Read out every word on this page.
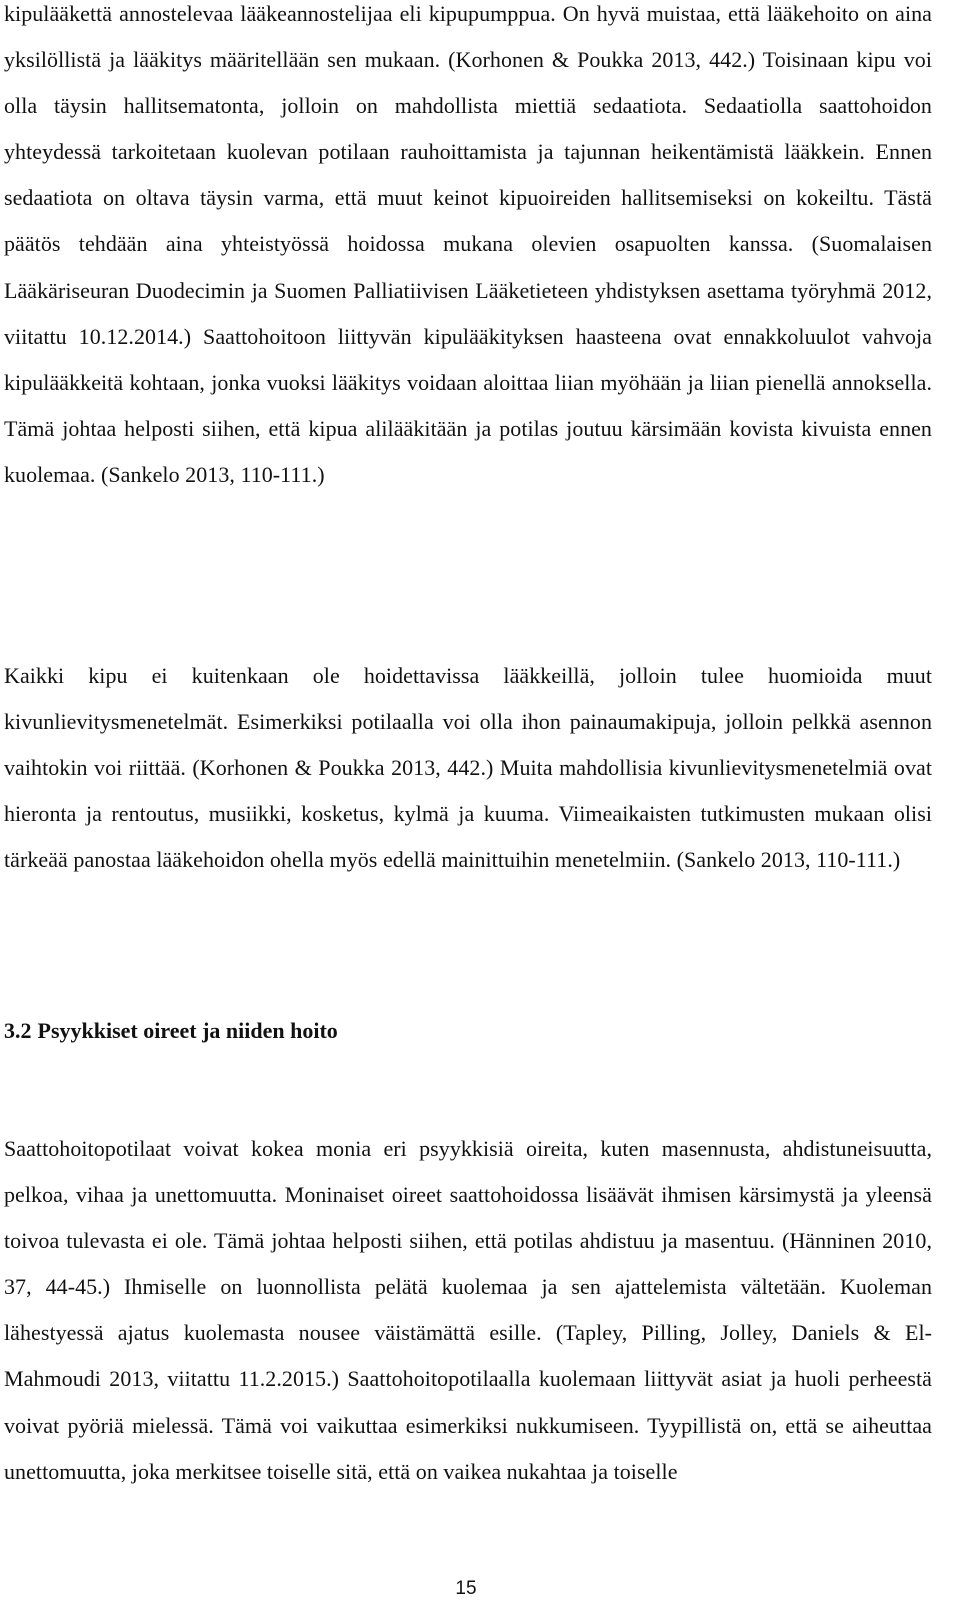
kipulääkettä annostelevaa lääkeannostelijaa eli kipupumppua. On hyvä muistaa, että lääkehoito on aina yksilöllistä ja lääkitys määritellään sen mukaan. (Korhonen & Poukka 2013, 442.) Toisinaan kipu voi olla täysin hallitsematonta, jolloin on mahdollista miettiä sedaatiota. Sedaatiolla saattohoidon yhteydessä tarkoitetaan kuolevan potilaan rauhoittamista ja tajunnan heikentämistä lääkkein. Ennen sedaatiota on oltava täysin varma, että muut keinot kipuoireiden hallitsemiseksi on kokeiltu. Tästä päätös tehdään aina yhteistyössä hoidossa mukana olevien osapuolten kanssa. (Suomalaisen Lääkäriseuran Duodecimin ja Suomen Palliatiivisen Lääketieteen yhdistyksen asettama työryhmä 2012, viitattu 10.12.2014.) Saattohoitoon liittyvän kipulääkityksen haasteena ovat ennakkoluulot vahvoja kipulääkkeitä kohtaan, jonka vuoksi lääkitys voidaan aloittaa liian myöhään ja liian pienellä annoksella. Tämä johtaa helposti siihen, että kipua alilääkitään ja potilas joutuu kärsimään kovista kivuista ennen kuolemaa. (Sankelo 2013, 110-111.)
Kaikki kipu ei kuitenkaan ole hoidettavissa lääkkeillä, jolloin tulee huomioida muut kivunlievitysmenetelmät. Esimerkiksi potilaalla voi olla ihon painaumakipuja, jolloin pelkkä asennon vaihtokin voi riittää. (Korhonen & Poukka 2013, 442.) Muita mahdollisia kivunlievitysmenetelmiä ovat hieronta ja rentoutus, musiikki, kosketus, kylmä ja kuuma. Viimeaikaisten tutkimusten mukaan olisi tärkeää panostaa lääkehoidon ohella myös edellä mainittuihin menetelmiin. (Sankelo 2013, 110-111.)
3.2 Psyykkiset oireet ja niiden hoito
Saattohoitopotilaat voivat kokea monia eri psyykkisiä oireita, kuten masennusta, ahdistuneisuutta, pelkoa, vihaa ja unettomuutta. Moninaiset oireet saattohoidossa lisäävät ihmisen kärsimystä ja yleensä toivoa tulevasta ei ole. Tämä johtaa helposti siihen, että potilas ahdistuu ja masentuu. (Hänninen 2010, 37, 44-45.) Ihmiselle on luonnollista pelätä kuolemaa ja sen ajattelemista vältetään. Kuoleman lähestyessä ajatus kuolemasta nousee väistämättä esille. (Tapley, Pilling, Jolley, Daniels & El-Mahmoudi 2013, viitattu 11.2.2015.) Saattohoitopotilaalla kuolemaan liittyvät asiat ja huoli perheestä voivat pyöriä mielessä. Tämä voi vaikuttaa esimerkiksi nukkumiseen. Tyypillistä on, että se aiheuttaa unettomuutta, joka merkitsee toiselle sitä, että on vaikea nukahtaa ja toiselle
15
